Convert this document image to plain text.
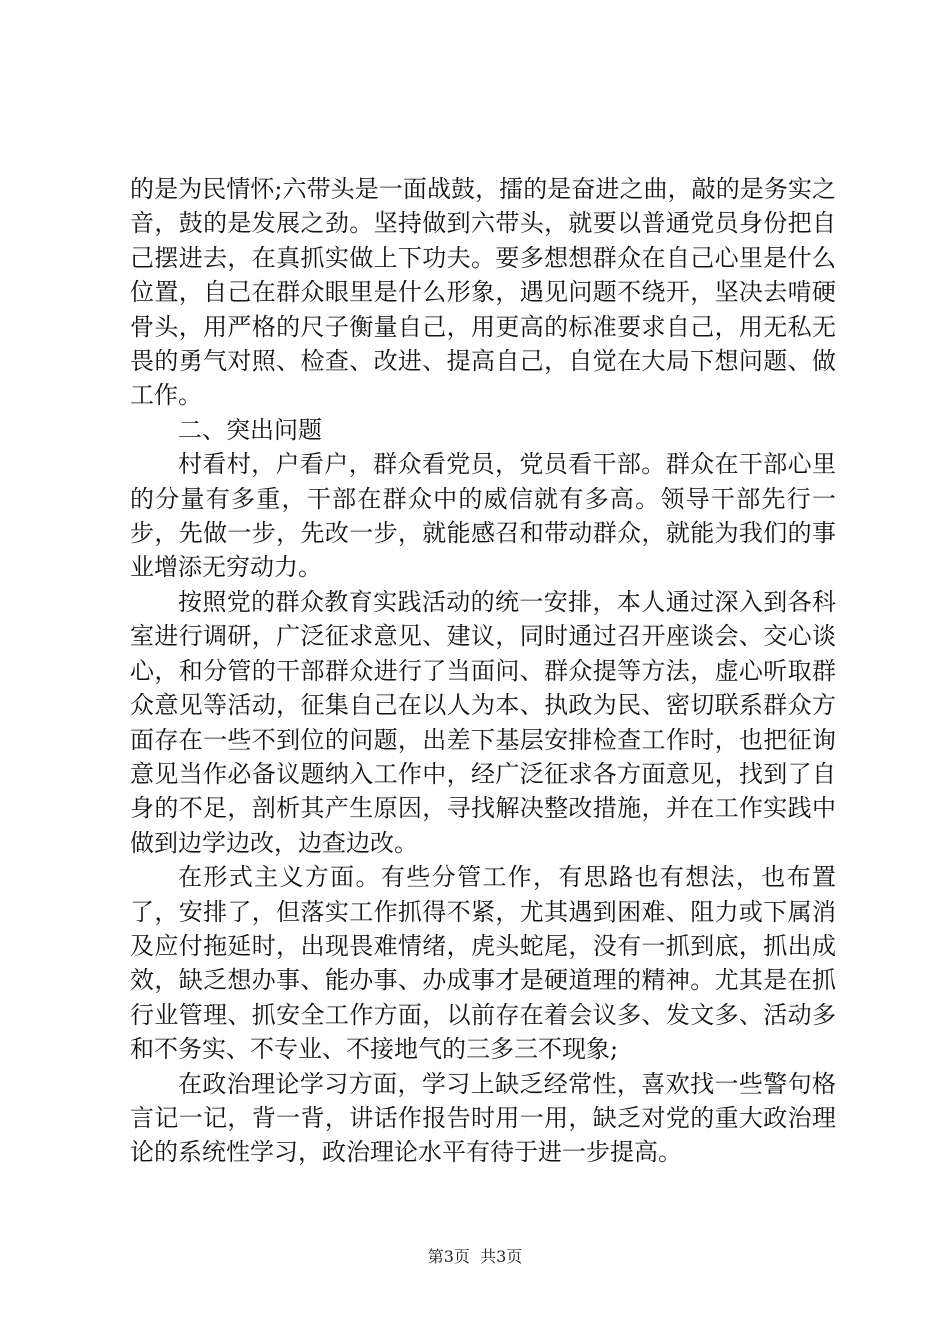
的是为民情怀;六带头是一面战鼓，擂的是奋进之曲，敲的是务实之音，鼓的是发展之劲。坚持做到六带头，就要以普通党员身份把自己摆进去，在真抓实做上下功夫。要多想想群众在自己心里是什么位置，自己在群众眼里是什么形象，遇见问题不绕开，坚决去啃硬骨头，用严格的尺子衡量自己，用更高的标准要求自己，用无私无畏的勇气对照、检查、改进、提高自己，自觉在大局下想问题、做工作。

二、突出问题

村看村，户看户，群众看党员，党员看干部。群众在干部心里的分量有多重，干部在群众中的威信就有多高。领导干部先行一步，先做一步，先改一步，就能感召和带动群众，就能为我们的事业增添无穷动力。

按照党的群众教育实践活动的统一安排，本人通过深入到各科室进行调研，广泛征求意见、建议，同时通过召开座谈会、交心谈心，和分管的干部群众进行了当面问、群众提等方法，虚心听取群众意见等活动，征集自己在以人为本、执政为民、密切联系群众方面存在一些不到位的问题，出差下基层安排检查工作时，也把征询意见当作必备议题纳入工作中，经广泛征求各方面意见，找到了自身的不足，剖析其产生原因，寻找解决整改措施，并在工作实践中做到边学边改，边查边改。

在形式主义方面。有些分管工作，有思路也有想法，也布置了，安排了，但落实工作抓得不紧，尤其遇到困难、阻力或下属消及应付拖延时，出现畏难情绪，虎头蛇尾，没有一抓到底，抓出成效，缺乏想办事、能办事、办成事才是硬道理的精神。尤其是在抓行业管理、抓安全工作方面，以前存在着会议多、发文多、活动多和不务实、不专业、不接地气的三多三不现象;

在政治理论学习方面，学习上缺乏经常性，喜欢找一些警句格言记一记，背一背，讲话作报告时用一用，缺乏对党的重大政治理论的系统性学习，政治理论水平有待于进一步提高。

第3页  共3页
